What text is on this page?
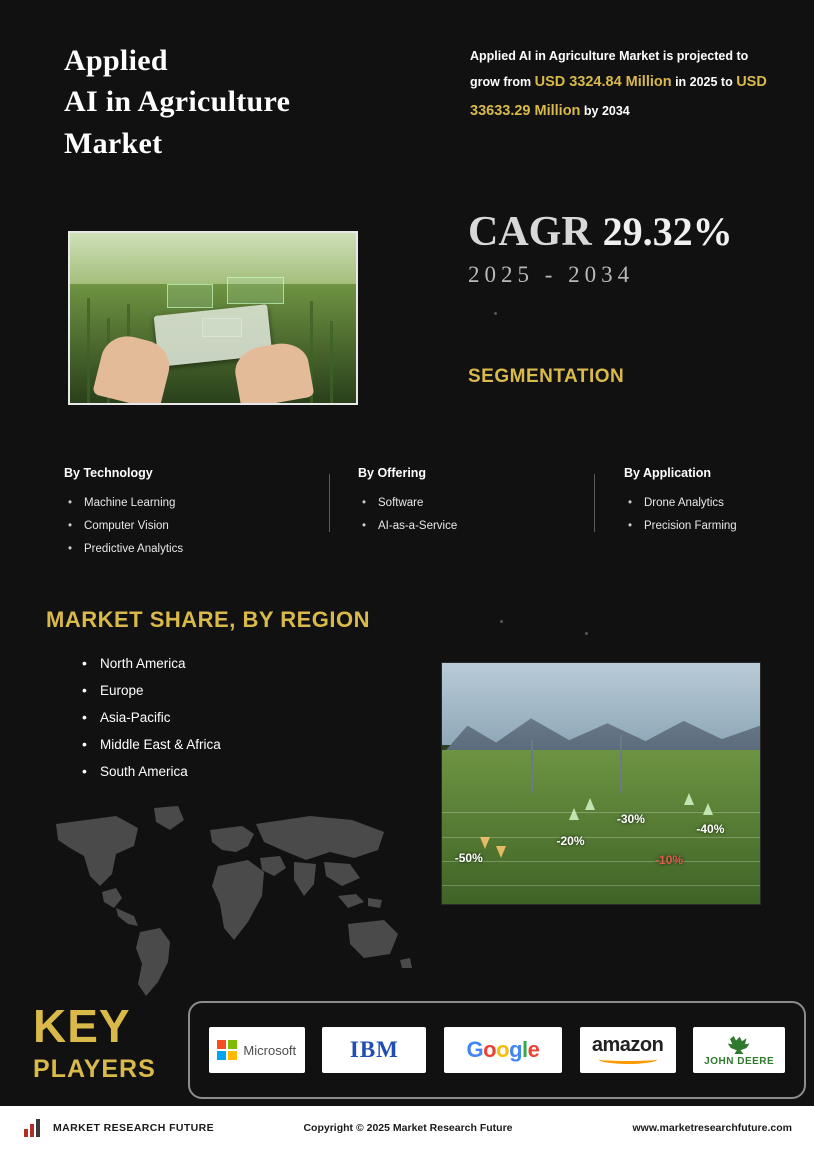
Applied
AI in Agriculture
Market
Applied AI in Agriculture Market is projected to grow from USD 3324.84 Million in 2025 to USD 33633.29 Million by 2034
CAGR 29.32%
2025 - 2034
SEGMENTATION
By Technology
• Machine Learning
• Computer Vision
• Predictive Analytics
By Offering
• Software
• AI-as-a-Service
By Application
• Drone Analytics
• Precision Farming
MARKET SHARE, BY REGION
• North America
• Europe
• Asia-Pacific
• Middle East & Africa
• South America
-50%
-20%
-30%
-40%
-10%
KEY
PLAYERS
Microsoft IBM	Google	amazon
JOHN DEERE
MARKET RESEARCH FUTURE	Copyright © 2025 Market Research Future	www.marketresearchfuture.com
